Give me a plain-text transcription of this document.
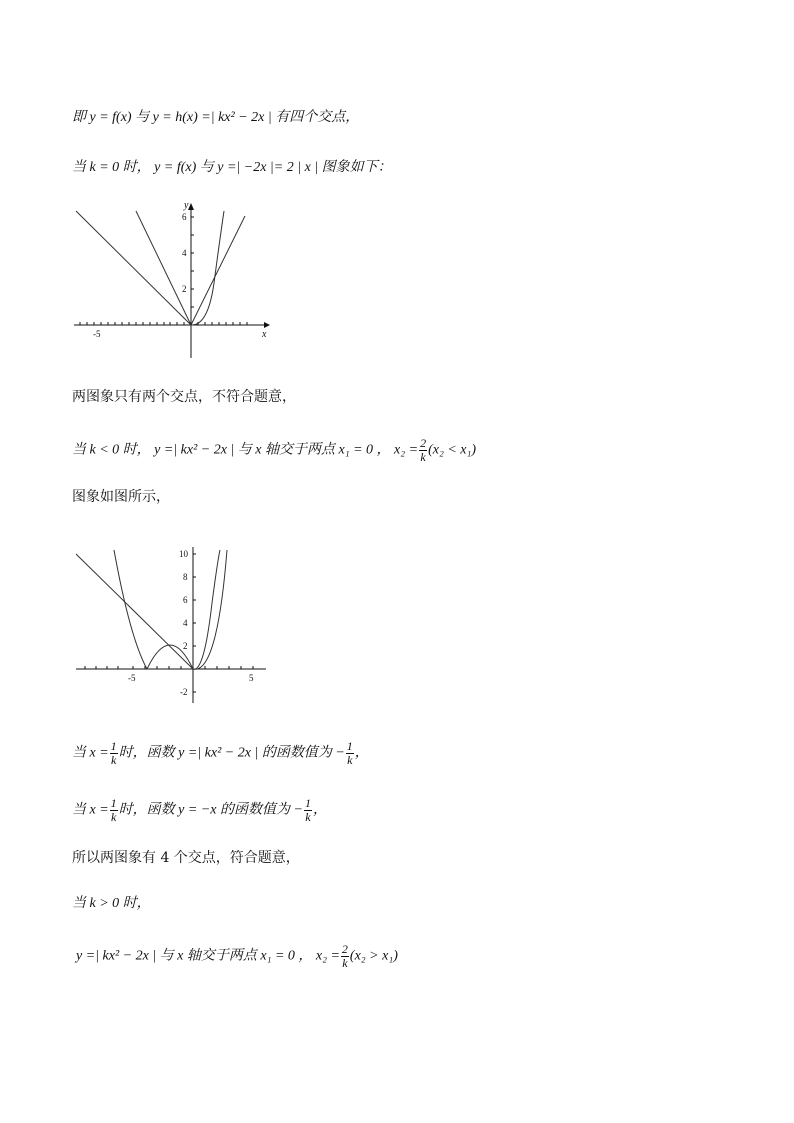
即 y = f(x) 与 y = h(x) =| kx² − 2x | 有四个交点，
当 k = 0 时， y = f(x) 与 y =| −2x |= 2 | x | 图象如下：
y
x
6
4
2
-5
两图象只有两个交点，不符合题意，
当 k < 0 时， y =| kx² − 2x | 与 x 轴交于两点 x₁ = 0 ， $x_2 = \frac{2}{k} (x_2 < x_1)$
图象如图所示，
10
8
6
4
2
-2
-5	5
当 $x = \frac{1}{k}$ 时，函数 y =| kx² − 2x | 的函数值为 − $\frac{1}{k}$ ，
当 $x = \frac{1}{k}$ 时，函数 y = −x 的函数值为 − $\frac{1}{k}$ ，
所以两图象有 4 个交点，符合题意，
当 k > 0 时，
y =| kx² − 2x | 与 x 轴交于两点 x₁ = 0 ， $x_2 = \frac{2}{k} (x_2 > x_1)$
